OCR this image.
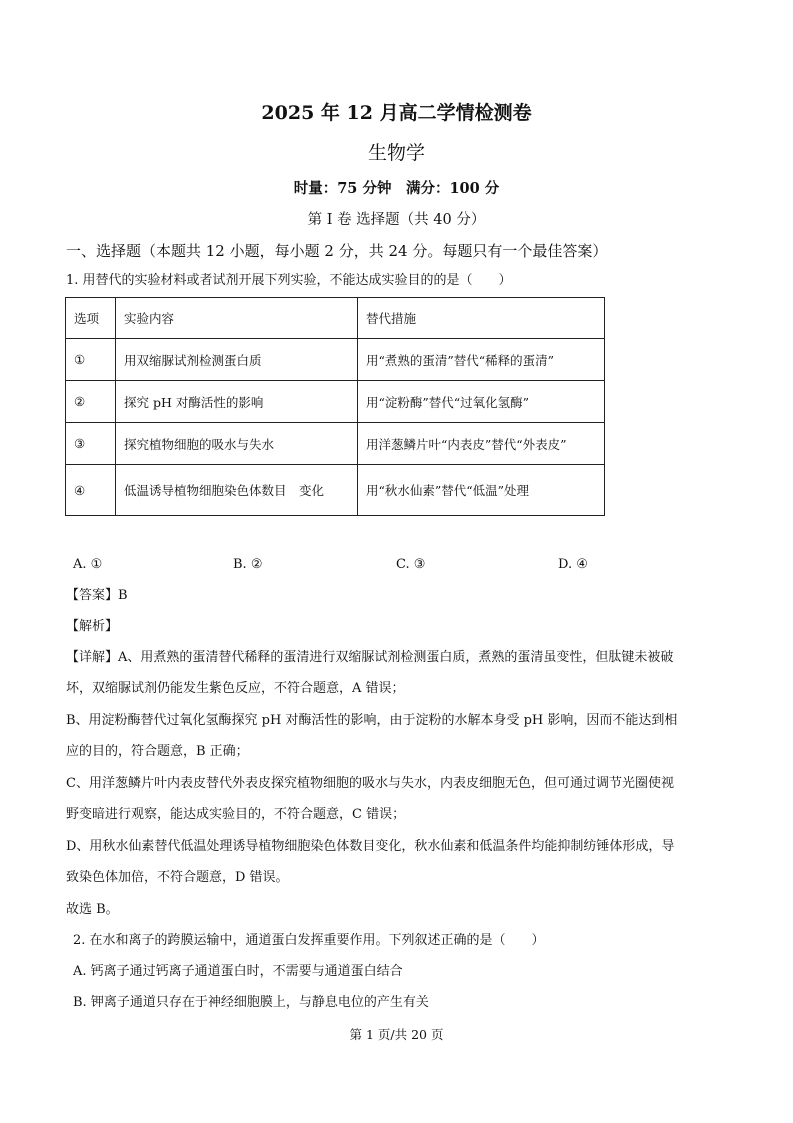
2025 年 12 月高二学情检测卷
生物学
时量：75 分钟　满分：100 分
第 I 卷 选择题（共 40 分）
一、选择题（本题共 12 小题，每小题 2 分，共 24 分。每题只有一个最佳答案）
1. 用替代的实验材料或者试剂开展下列实验，不能达成实验目的的是（　　）
选项	实验内容	替代措施
①	用双缩脲试剂检测蛋白质	用“煮熟的蛋清”替代“稀释的蛋清”
②	探究 pH 对酶活性的影响	用“淀粉酶”替代“过氧化氢酶”
③	探究植物细胞的吸水与失水	用洋葱鳞片叶“内表皮”替代“外表皮”
④	低温诱导植物细胞染色体数目　变化	用“秋水仙素”替代“低温”处理
A. ①	B. ②	C. ③	D. ④
【答案】B
【解析】
【详解】A、用煮熟的蛋清替代稀释的蛋清进行双缩脲试剂检测蛋白质，煮熟的蛋清虽变性，但肽键未被破
坏，双缩脲试剂仍能发生紫色反应，不符合题意，A 错误；
B、用淀粉酶替代过氧化氢酶探究 pH 对酶活性的影响，由于淀粉的水解本身受 pH 影响，因而不能达到相
应的目的，符合题意，B 正确；
C、用洋葱鳞片叶内表皮替代外表皮探究植物细胞的吸水与失水，内表皮细胞无色，但可通过调节光圈使视
野变暗进行观察，能达成实验目的，不符合题意，C 错误；
D、用秋水仙素替代低温处理诱导植物细胞染色体数目变化，秋水仙素和低温条件均能抑制纺锤体形成，导
致染色体加倍，不符合题意，D 错误。
故选 B。
2. 在水和离子的跨膜运输中，通道蛋白发挥重要作用。下列叙述正确的是（　　）
A. 钙离子通过钙离子通道蛋白时，不需要与通道蛋白结合
B. 钾离子通道只存在于神经细胞膜上，与静息电位的产生有关
第 1 页/共 20 页
